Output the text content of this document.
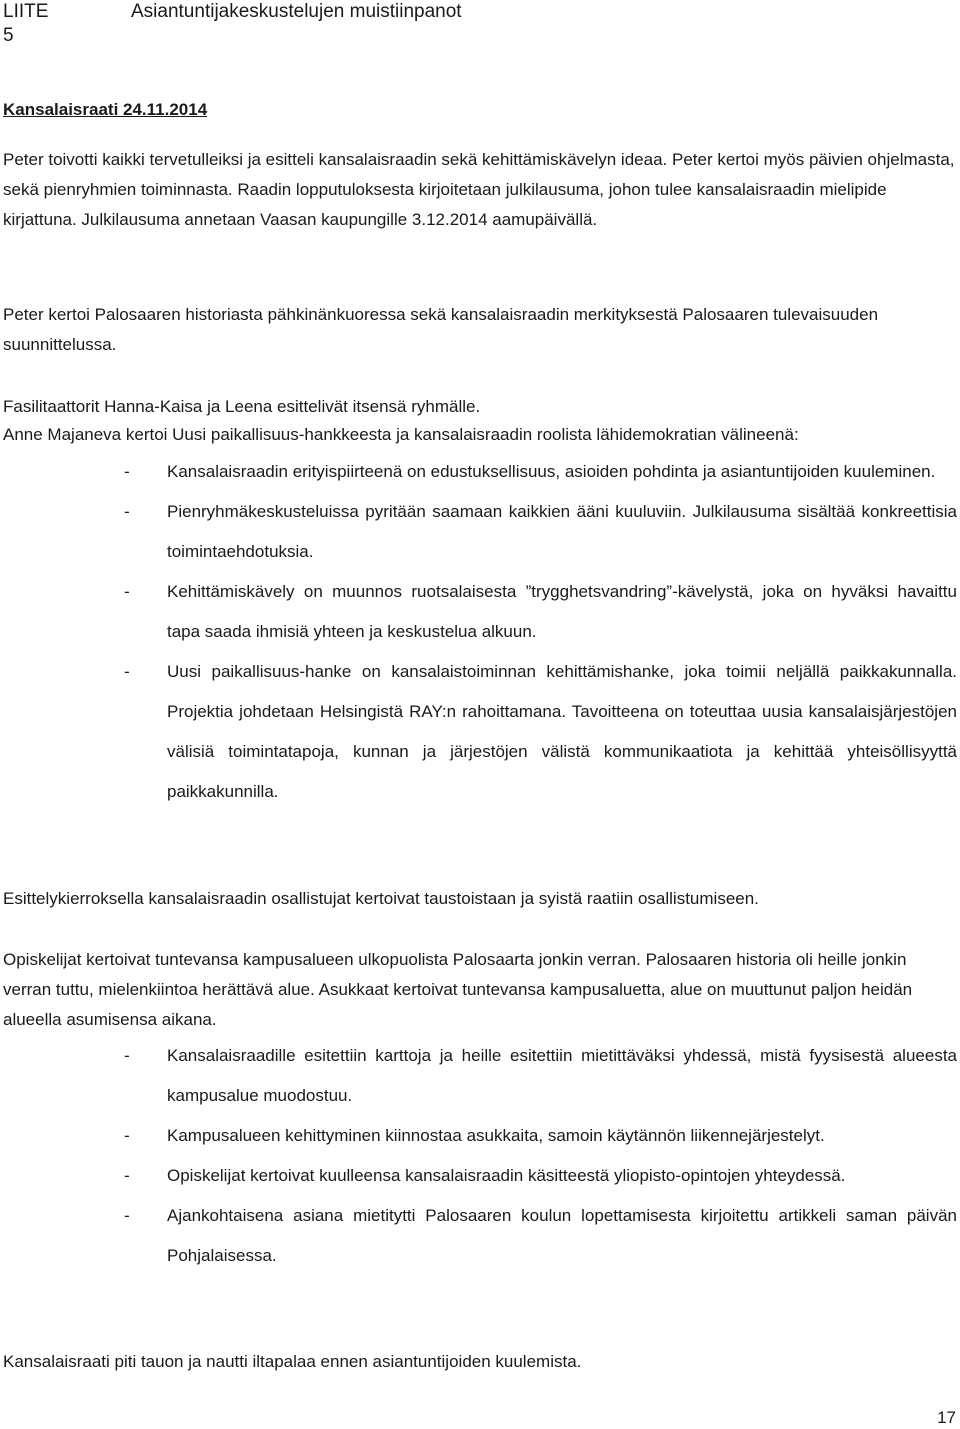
LIITE 5
Asiantuntijakeskustelujen muistiinpanot
Kansalaisraati 24.11.2014

Peter toivotti kaikki tervetulleiksi ja esitteli kansalaisraadin sekä kehittämiskävelyn ideaa. Peter kertoi myös päivien ohjelmasta, sekä pienryhmien toiminnasta. Raadin lopputuloksesta kirjoitetaan julkilausuma, johon tulee kansalaisraadin mielipide kirjattuna. Julkilausuma annetaan Vaasan kaupungille 3.12.2014 aamupäivällä.

Peter kertoi Palosaaren historiasta pähkinänkuoressa sekä kansalaisraadin merkityksestä Palosaaren tulevaisuuden suunnittelussa.

Fasilitaattorit Hanna-Kaisa ja Leena esittelivät itsensä ryhmälle.

Anne Majaneva kertoi Uusi paikallisuus-hankkeesta ja kansalaisraadin roolista lähidemokratian välineenä:

- Kansalaisraadin erityispiirteenä on edustuksellisuus, asioiden pohdinta ja asiantuntijoiden kuuleminen.
- Pienryhmäkeskusteluissa pyritään saamaan kaikkien ääni kuuluviin. Julkilausuma sisältää konkreettisia toimintaehdotuksia.
- Kehittämiskävely on muunnos ruotsalaisesta ”trygghetsvandring”-kävelystä, joka on hyväksi havaittu tapa saada ihmisiä yhteen ja keskustelua alkuun.
- Uusi paikallisuus-hanke on kansalaistoiminnan kehittämishanke, joka toimii neljällä paikkakunnalla. Projektia johdetaan Helsingistä RAY:n rahoittamana. Tavoitteena on toteuttaa uusia kansalaisjärjestöjen välisiä toimintatapoja, kunnan ja järjestöjen välistä kommunikaatiota ja kehittää yhteisöllisyyttä paikkakunnilla.

Esittelykierroksella kansalaisraadin osallistujat kertoivat taustoistaan ja syistä raatiin osallistumiseen.

Opiskelijat kertoivat tuntevansa kampusalueen ulkopuolista Palosaarta jonkin verran. Palosaaren historia oli heille jonkin verran tuttu, mielenkiintoa herättävä alue. Asukkaat kertoivat tuntevansa kampusaluetta, alue on muuttunut paljon heidän alueella asumisensa aikana.

- Kansalaisraadille esitettiin karttoja ja heille esitettiin mietittäväksi yhdessä, mistä fyysisestä alueesta kampusalue muodostuu.
- Kampusalueen kehittyminen kiinnostaa asukkaita, samoin käytännön liikennejärjestelyt.
- Opiskelijat kertoivat kuulleensa kansalaisraadin käsitteestä yliopisto-opintojen yhteydessä.
- Ajankohtaisena asiana mietitytti Palosaaren koulun lopettamisesta kirjoitettu artikkeli saman päivän Pohjalaisessa.

Kansalaisraati piti tauon ja nautti iltapalaa ennen asiantuntijoiden kuulemista.

17
